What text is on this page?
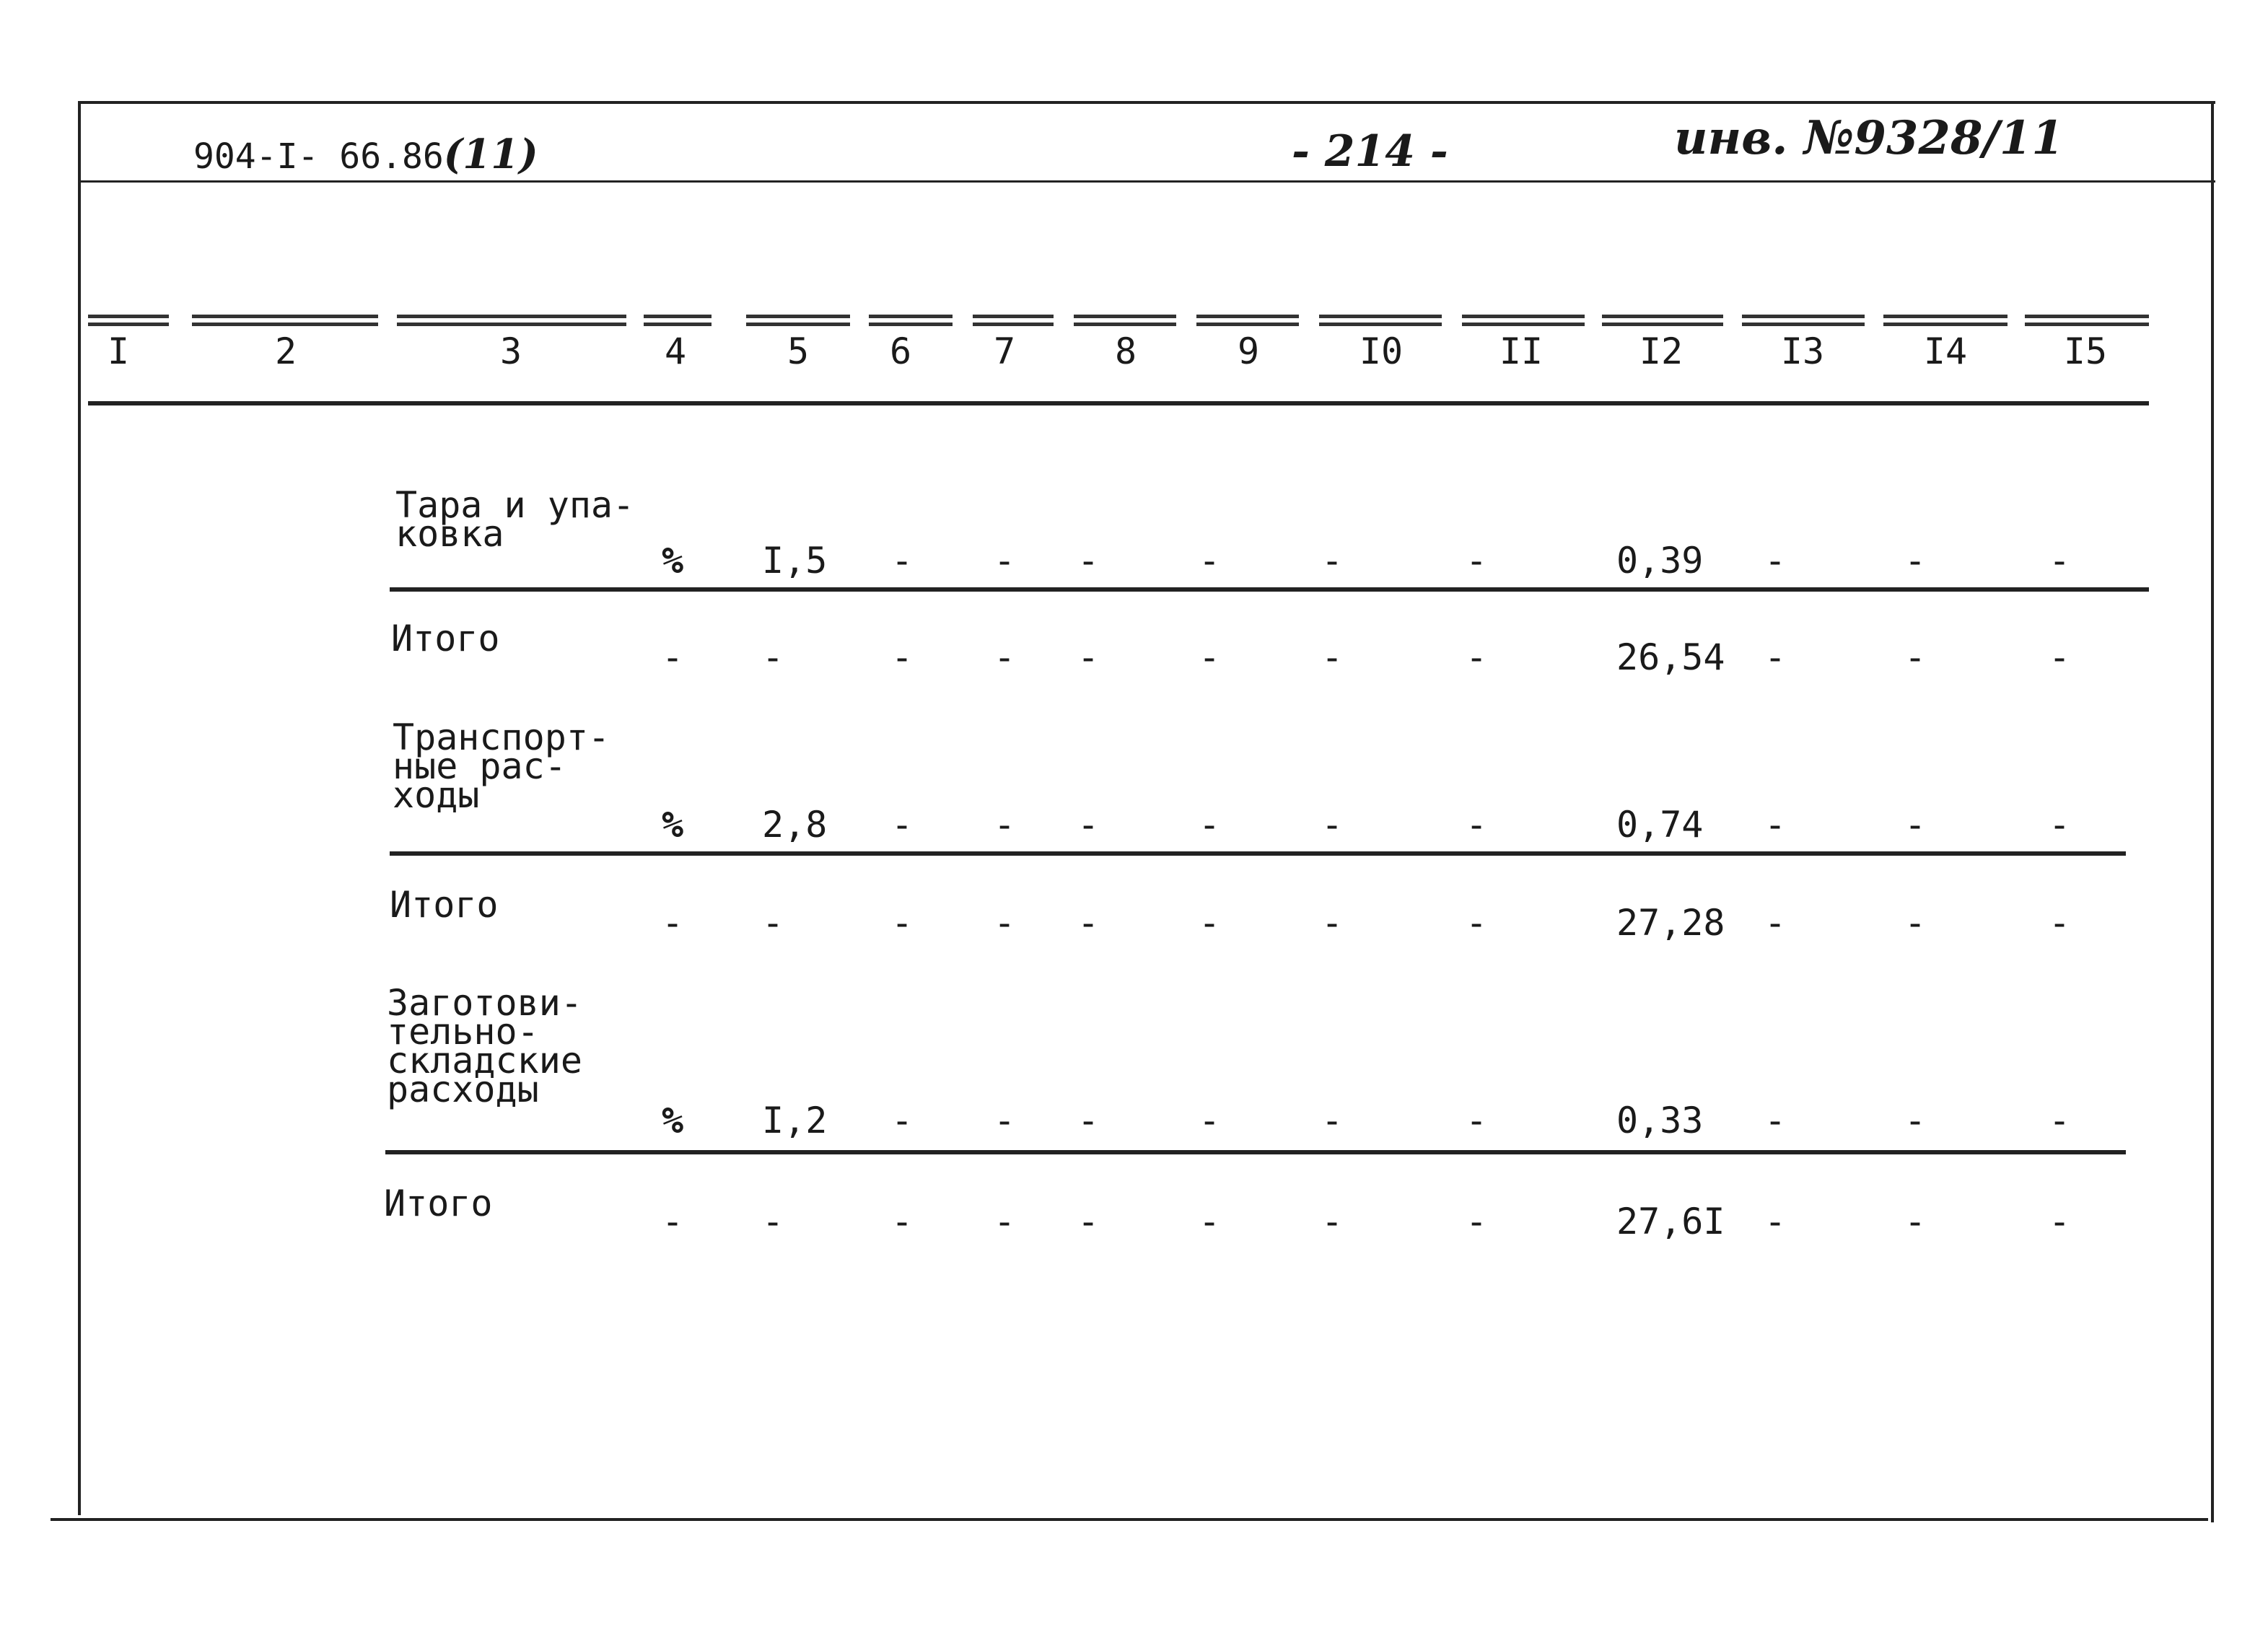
904-I- 66.86(11)	- 214 -	инв. №9328/11
I	2	3	4	5	6	7	8	9	I0	II	I2	I3	I4	I5
Тара и упа-
ковка
%	I,5	-	-	-	-	-	-	0,39	-	-	-
Итого	-	-	-	-	-	-	-	-	26,54	-	-	-
Транспорт-
ные рас-
ходы
%	2,8	-	-	-	-	-	-	0,74	-	-	-
Итого	-	-	-	-	-	-	-	-	27,28	-	-	-
Заготови-
тельно-
складские
расходы
%	I,2	-	-	-	-	-	-	0,33	-	-	-
Итого	-	-	-	-	-	-	-	-	27,6I	-	-	-
